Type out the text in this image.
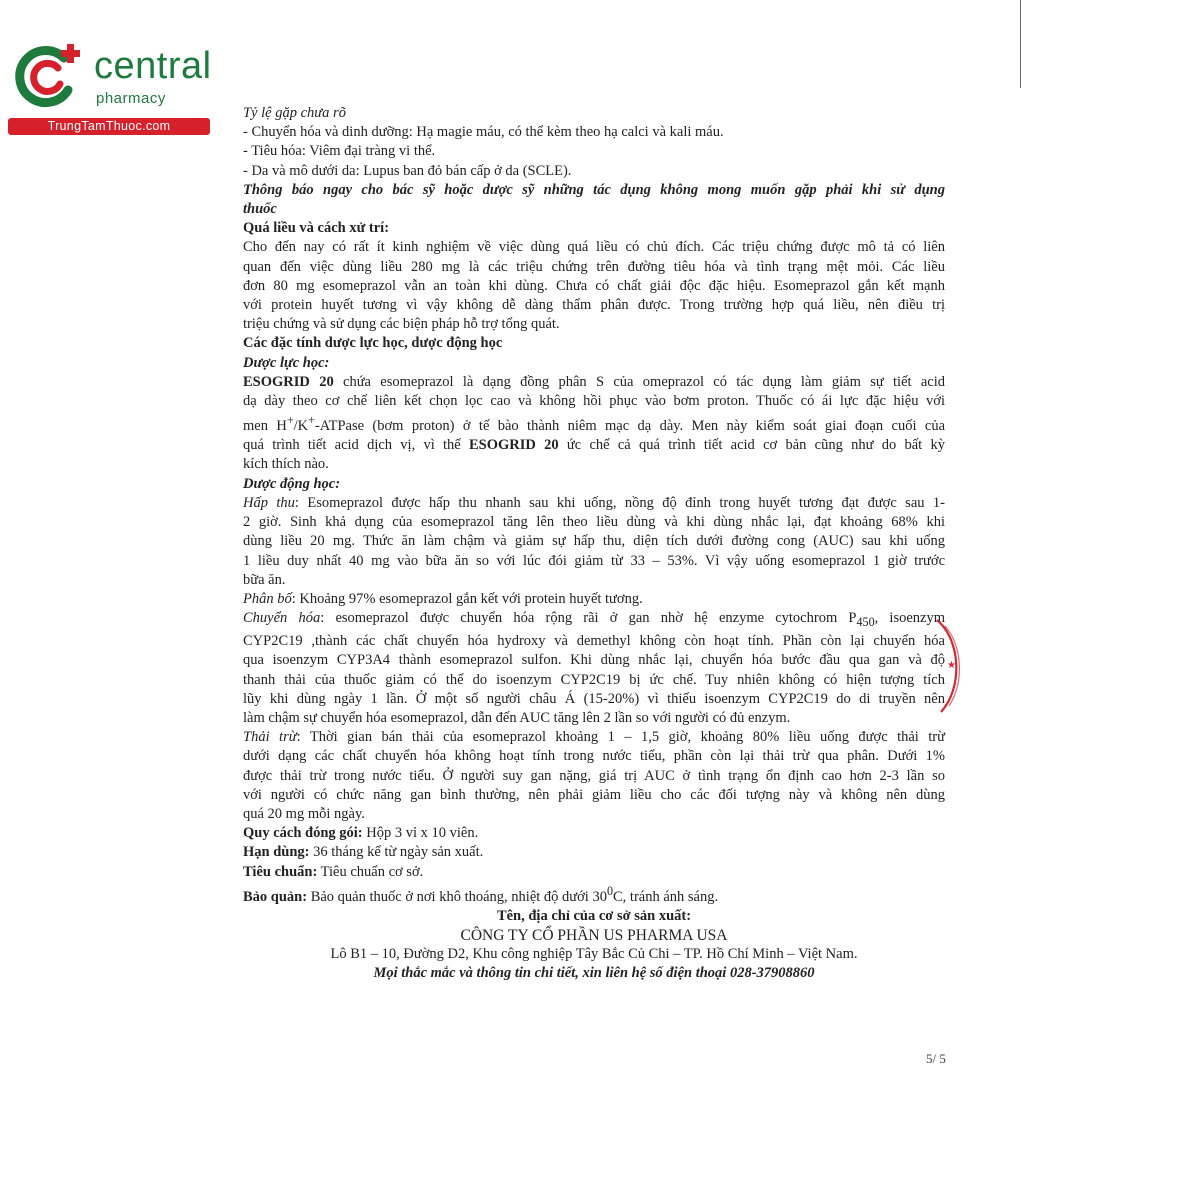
central
pharmacy
TrungTamThuoc.com

Tỷ lệ gặp chưa rõ

- Chuyển hóa và dinh dưỡng: Hạ magie máu, có thể kèm theo hạ calci và kali máu.

- Tiêu hóa: Viêm đại tràng vi thể.

- Da và mô dưới da: Lupus ban đỏ bán cấp ở da (SCLE).

Thông báo ngay cho bác sỹ hoặc dược sỹ những tác dụng không mong muốn gặp phải khi sử dụng

thuốc

Quá liều và cách xử trí:

Cho đến nay có rất ít kinh nghiệm về việc dùng quá liều có chủ đích. Các triệu chứng được mô tả có liên

quan đến việc dùng liều 280 mg là các triệu chứng trên đường tiêu hóa và tình trạng mệt mỏi. Các liều

đơn 80 mg esomeprazol vẫn an toàn khi dùng. Chưa có chất giải độc đặc hiệu. Esomeprazol gắn kết mạnh

với protein huyết tương vì vậy không dễ dàng thẩm phân được. Trong trường hợp quá liều, nên điều trị

triệu chứng và sử dụng các biện pháp hỗ trợ tổng quát.

Các đặc tính dược lực học, dược động học

Dược lực học:

ESOGRID 20 chứa esomeprazol là dạng đồng phân S của omeprazol có tác dụng làm giảm sự tiết acid

dạ dày theo cơ chế liên kết chọn lọc cao và không hồi phục vào bơm proton. Thuốc có ái lực đặc hiệu với

men H+/K+-ATPase (bơm proton) ở tế bào thành niêm mạc dạ dày. Men này kiểm soát giai đoạn cuối của

quá trình tiết acid dịch vị, vì thế ESOGRID 20 ức chế cả quá trình tiết acid cơ bản cũng như do bất kỳ

kích thích nào.

Dược động học:

Hấp thu: Esomeprazol được hấp thu nhanh sau khi uống, nồng độ đỉnh trong huyết tương đạt được sau 1-

2 giờ. Sinh khả dụng của esomeprazol tăng lên theo liều dùng và khi dùng nhắc lại, đạt khoảng 68% khi

dùng liều 20 mg. Thức ăn làm chậm và giảm sự hấp thu, diện tích dưới đường cong (AUC) sau khi uống

1 liều duy nhất 40 mg vào bữa ăn so với lúc đói giảm từ 33 – 53%. Vì vậy uống esomeprazol 1 giờ trước

bữa ăn.

Phân bố: Khoảng 97% esomeprazol gắn kết với protein huyết tương.

Chuyển hóa: esomeprazol được chuyển hóa rộng rãi ở gan nhờ hệ enzyme cytochrom $P_{450}$, isoenzym

CYP2C19 ,thành các chất chuyển hóa hydroxy và demethyl không còn hoạt tính. Phần còn lại chuyển hóa

qua isoenzym CYP3A4 thành esomeprazol sulfon. Khi dùng nhắc lại, chuyển hóa bước đầu qua gan và độ

thanh thải của thuốc giảm có thể do isoenzym CYP2C19 bị ức chế. Tuy nhiên không có hiện tượng tích

lũy khi dùng ngày 1 lần. Ở một số người châu Á (15-20%) vì thiếu isoenzym CYP2C19 do di truyền nên

làm chậm sự chuyển hóa esomeprazol, dẫn đến AUC tăng lên 2 lần so với người có đủ enzym.

Thải trừ: Thời gian bán thải của esomeprazol khoảng 1 – 1,5 giờ, khoảng 80% liều uống được thải trừ

dưới dạng các chất chuyển hóa không hoạt tính trong nước tiểu, phần còn lại thải trừ qua phân. Dưới 1%

được thải trừ trong nước tiểu. Ở người suy gan nặng, giá trị AUC ở tình trạng ổn định cao hơn 2-3 lần so

với người có chức năng gan bình thường, nên phải giảm liều cho các đối tượng này và không nên dùng

quá 20 mg mỗi ngày.

Quy cách đóng gói: Hộp 3 vỉ x 10 viên.

Hạn dùng: 36 tháng kể từ ngày sản xuất.

Tiêu chuẩn: Tiêu chuẩn cơ sở.

Bảo quản: Bảo quản thuốc ở nơi khô thoáng, nhiệt độ dưới $30^0C$, tránh ánh sáng.

Tên, địa chỉ của cơ sở sản xuất:

CÔNG TY CỔ PHẦN US PHARMA USA

Lô B1 – 10, Đường D2, Khu công nghiệp Tây Bắc Củ Chi – TP. Hồ Chí Minh – Việt Nam.

Mọi thắc mắc và thông tin chi tiết, xin liên hệ số điện thoại 028-37908860

★
5/ 5
